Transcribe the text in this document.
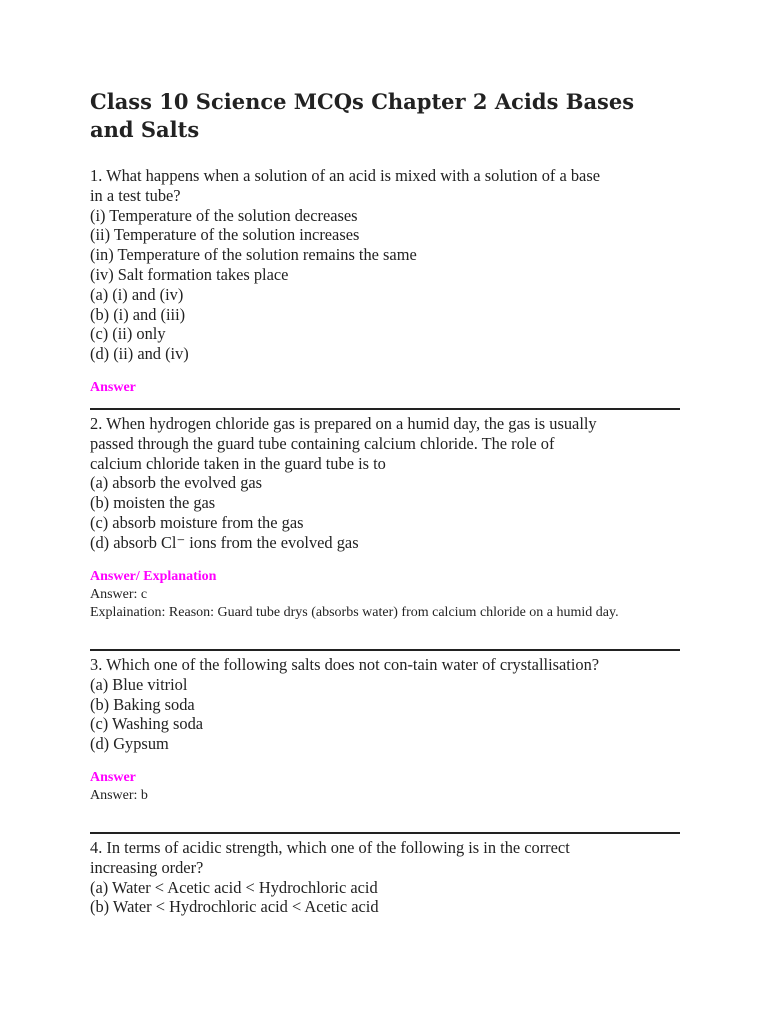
Class 10 Science MCQs Chapter 2 Acids Bases and Salts
1. What happens when a solution of an acid is mixed with a solution of a base
in a test tube?
(i) Temperature of the solution decreases
(ii) Temperature of the solution increases
(in) Temperature of the solution remains the same
(iv) Salt formation takes place
(a) (i) and (iv)
(b) (i) and (iii)
(c) (ii) only
(d) (ii) and (iv)
Answer
2. When hydrogen chloride gas is prepared on a humid day, the gas is usually
passed through the guard tube containing calcium chloride. The role of
calcium chloride taken in the guard tube is to
(a) absorb the evolved gas
(b) moisten the gas
(c) absorb moisture from the gas
(d) absorb Cl⁻ ions from the evolved gas
Answer/ Explanation
Answer: c
Explaination: Reason: Guard tube drys (absorbs water) from calcium chloride on a humid day.
3. Which one of the following salts does not con-tain water of crystallisation?
(a) Blue vitriol
(b) Baking soda
(c) Washing soda
(d) Gypsum
Answer
Answer: b
4. In terms of acidic strength, which one of the following is in the correct
increasing order?
(a) Water < Acetic acid < Hydrochloric acid
(b) Water < Hydrochloric acid < Acetic acid
